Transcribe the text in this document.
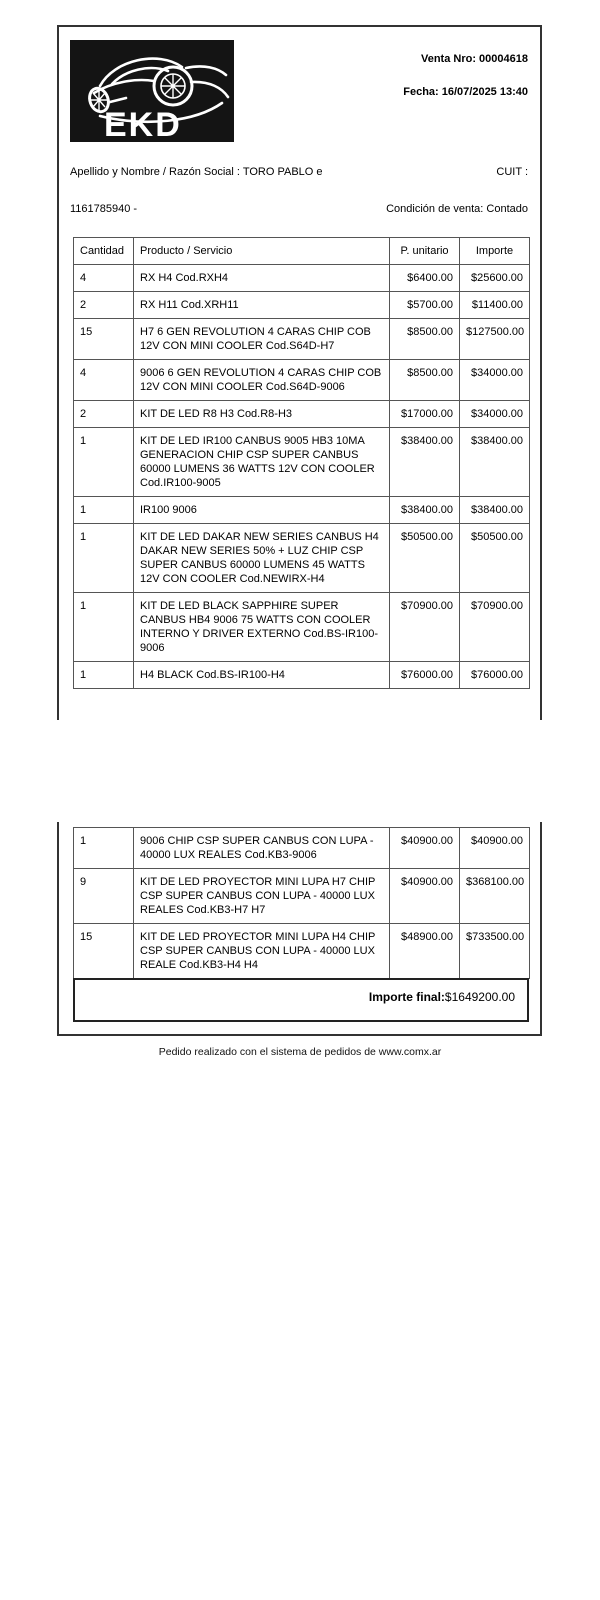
EKD
Venta Nro: 00004618
Fecha: 16/07/2025 13:40
Apellido y Nombre / Razón Social : TORO PABLO e	CUIT :
1161785940 -	Condición de venta: Contado
Cantidad	Producto / Servicio	P. unitario	Importe
4	RX H4 Cod.RXH4	$6400.00	$25600.00
2	RX H11 Cod.XRH11	$5700.00	$11400.00
15	H7 6 GEN REVOLUTION 4 CARAS CHIP COB 12V CON MINI COOLER Cod.S64D-H7	$8500.00	$127500.00
4	9006 6 GEN REVOLUTION 4 CARAS CHIP COB 12V CON MINI COOLER Cod.S64D-9006	$8500.00	$34000.00
2	KIT DE LED R8 H3 Cod.R8-H3	$17000.00	$34000.00
1	KIT DE LED IR100 CANBUS 9005 HB3 10MA GENERACION CHIP CSP SUPER CANBUS 60000 LUMENS 36 WATTS 12V CON COOLER Cod.IR100-9005	$38400.00	$38400.00
1	IR100 9006	$38400.00	$38400.00
1	KIT DE LED DAKAR NEW SERIES CANBUS H4 DAKAR NEW SERIES 50% + LUZ CHIP CSP SUPER CANBUS 60000 LUMENS 45 WATTS 12V CON COOLER Cod.NEWIRX-H4	$50500.00	$50500.00
1	KIT DE LED BLACK SAPPHIRE SUPER CANBUS HB4 9006 75 WATTS CON COOLER INTERNO Y DRIVER EXTERNO Cod.BS-IR100-9006	$70900.00	$70900.00
1	H4 BLACK Cod.BS-IR100-H4	$76000.00	$76000.00
1	9006 CHIP CSP SUPER CANBUS CON LUPA - 40000 LUX REALES Cod.KB3-9006	$40900.00	$40900.00
9	KIT DE LED PROYECTOR MINI LUPA H7 CHIP CSP SUPER CANBUS CON LUPA - 40000 LUX REALES Cod.KB3-H7 H7	$40900.00	$368100.00
15	KIT DE LED PROYECTOR MINI LUPA H4 CHIP CSP SUPER CANBUS CON LUPA - 40000 LUX REALE Cod.KB3-H4 H4	$48900.00	$733500.00
Importe final:$1649200.00
Pedido realizado con el sistema de pedidos de www.comx.ar
